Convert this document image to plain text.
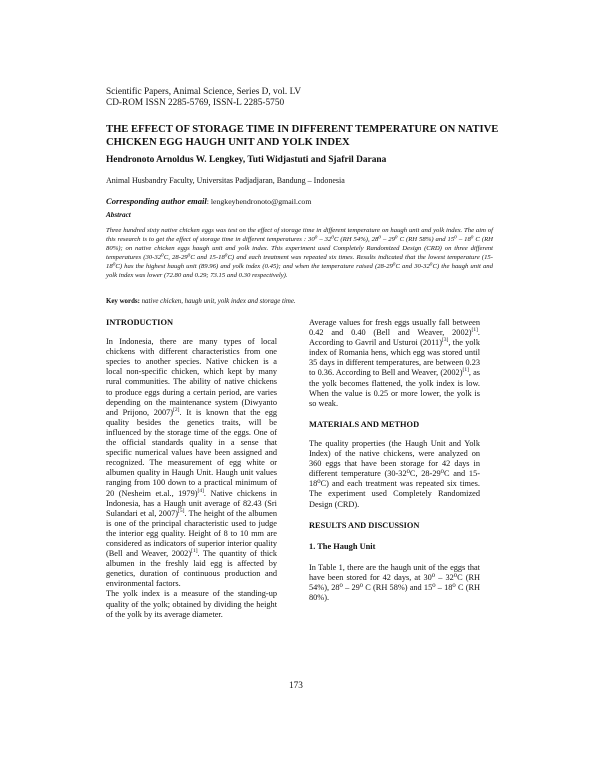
Scientific Papers, Animal Science, Series D, vol. LV
CD-ROM ISSN 2285-5769, ISSN-L 2285-5750
THE EFFECT OF STORAGE TIME IN DIFFERENT TEMPERATURE ON NATIVE CHICKEN EGG HAUGH UNIT AND YOLK INDEX
Hendronoto Arnoldus W. Lengkey, Tuti Widjastuti and Sjafril Darana
Animal Husbandry Faculty, Universitas Padjadjaran, Bandung – Indonesia
Corresponding author email: lengkeyhendronoto@gmail.com
Abstract
Three hundred sixty native chicken eggs was test on the effect of storage time in different temperature on haugh unit and yolk index. The aim of this research is to get the effect of storage time in different temperatures : 30⁰ – 32⁰C (RH 54%), 28⁰ – 29⁰ C (RH 58%) and 15⁰ – 18⁰ C (RH 80%); on native chicken eggs haugh unit and yolk index. This experiment used Completely Randomized Design (CRD) on three different temperatures (30-32⁰C, 28-29⁰C and 15-18⁰C) and each treatment was repeated six times. Results indicated that the lowest temperature (15-18⁰C) has the highest haugh unit (89.96) and yolk index (0.45); and when the temperature raised (28-29⁰C and 30-32⁰C) the haugh unit and yolk index was lower (72.80 and 0.29; 73.15 and 0.30 respectively).
Key words: native chicken, haugh unit, yolk index and storage time.

INTRODUCTION

In Indonesia, there are many types of local chickens with different characteristics from one species to another species. Native chicken is a local non-specific chicken, which kept by many rural communities. The ability of native chickens to produce eggs during a certain period, are varies depending on the maintenance system (Diwyanto and Prijono, 2007)[2]. It is known that the egg quality besides the genetics traits, will be influenced by the storage time of the eggs. One of the official standards quality in a sense that specific numerical values have been assigned and recognized. The measurement of egg white or albumen quality in Haugh Unit. Haugh unit values ranging from 100 down to a practical minimum of 20 (Nesheim et.al., 1979)[4]. Native chickens in Indonesia, has a Haugh unit average of 82.43 (Sri Sulandari et al, 2007)[5]. The height of the albumen is one of the principal characteristic used to judge the interior egg quality. Height of 8 to 10 mm are considered as indicators of superior interior quality (Bell and Weaver, 2002)[1]. The quantity of thick albumen in the freshly laid egg is affected by genetics, duration of continuous production and environmental factors.

The yolk index is a measure of the standing-up quality of the yolk; obtained by dividing the height of the yolk by its average diameter.

Average values for fresh eggs usually fall between 0.42 and 0.40 (Bell and Weaver, 2002)[1]. According to Gavril and Usturoi (2011)[3], the yolk index of Romania hens, which egg was stored until 35 days in different temperatures, are between 0.23 to 0.36. According to Bell and Weaver, (2002)[1], as the yolk becomes flattened, the yolk index is low. When the value is 0.25 or more lower, the yolk is so weak.

MATERIALS AND METHOD

The quality properties (the Haugh Unit and Yolk Index) of the native chickens, were analyzed on 360 eggs that have been storage for 42 days in different temperature (30-32⁰C, 28-29⁰C and 15-18⁰C) and each treatment was repeated six times. The experiment used Completely Randomized Design (CRD).

RESULTS AND DISCUSSION

1. The Haugh Unit

In Table 1, there are the haugh unit of the eggs that have been stored for 42 days, at 30⁰ – 32⁰C (RH 54%), 28⁰ – 29⁰ C (RH 58%) and 15⁰ – 18⁰ C (RH 80%).

173
